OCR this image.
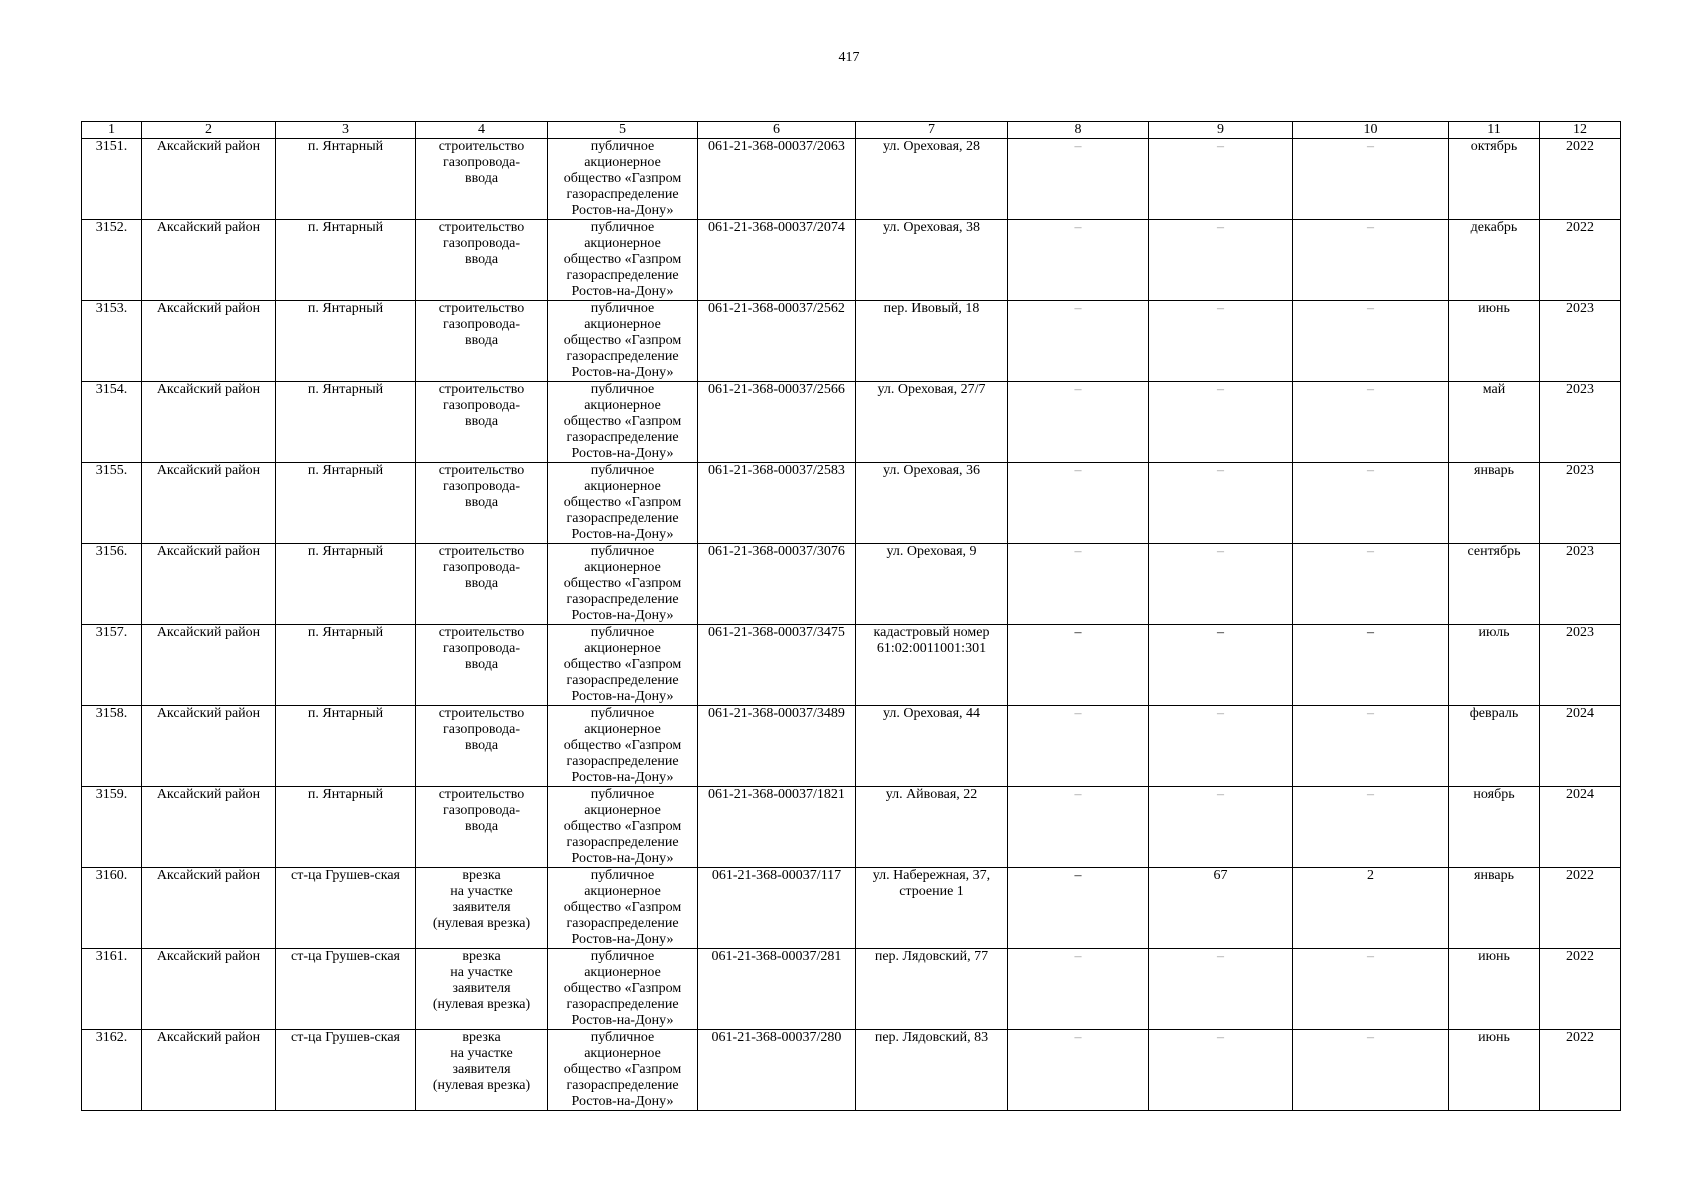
417
1	2	3	4	5	6	7	8	9	10	11	12
3151.	Аксайский район	п. Янтарный	строительство
газопровода-
ввода	публичное
акционерное
общество «Газпром
газораспределение
Ростов-на-Дону»	061-21-368-00037/2063	ул. Ореховая, 28	–	–	–	октябрь	2022
3152.	Аксайский район	п. Янтарный	строительство
газопровода-
ввода	публичное
акционерное
общество «Газпром
газораспределение
Ростов-на-Дону»	061-21-368-00037/2074	ул. Ореховая, 38	–	–	–	декабрь	2022
3153.	Аксайский район	п. Янтарный	строительство
газопровода-
ввода	публичное
акционерное
общество «Газпром
газораспределение
Ростов-на-Дону»	061-21-368-00037/2562	пер. Ивовый, 18	–	–	–	июнь	2023
3154.	Аксайский район	п. Янтарный	строительство
газопровода-
ввода	публичное
акционерное
общество «Газпром
газораспределение
Ростов-на-Дону»	061-21-368-00037/2566	ул. Ореховая, 27/7	–	–	–	май	2023
3155.	Аксайский район	п. Янтарный	строительство
газопровода-
ввода	публичное
акционерное
общество «Газпром
газораспределение
Ростов-на-Дону»	061-21-368-00037/2583	ул. Ореховая, 36	–	–	–	январь	2023
3156.	Аксайский район	п. Янтарный	строительство
газопровода-
ввода	публичное
акционерное
общество «Газпром
газораспределение
Ростов-на-Дону»	061-21-368-00037/3076	ул. Ореховая, 9	–	–	–	сентябрь	2023
3157.	Аксайский район	п. Янтарный	строительство
газопровода-
ввода	публичное
акционерное
общество «Газпром
газораспределение
Ростов-на-Дону»	061-21-368-00037/3475	кадастровый номер
61:02:0011001:301	–	–	–	июль	2023
3158.	Аксайский район	п. Янтарный	строительство
газопровода-
ввода	публичное
акционерное
общество «Газпром
газораспределение
Ростов-на-Дону»	061-21-368-00037/3489	ул. Ореховая, 44	–	–	–	февраль	2024
3159.	Аксайский район	п. Янтарный	строительство
газопровода-
ввода	публичное
акционерное
общество «Газпром
газораспределение
Ростов-на-Дону»	061-21-368-00037/1821	ул. Айвовая, 22	–	–	–	ноябрь	2024
3160.	Аксайский район	ст-ца Грушев-ская	врезка
на участке
заявителя
(нулевая врезка)	публичное
акционерное
общество «Газпром
газораспределение
Ростов-на-Дону»	061-21-368-00037/117	ул. Набережная, 37,
строение 1	–	67	2	январь	2022
3161.	Аксайский район	ст-ца Грушев-ская	врезка
на участке
заявителя
(нулевая врезка)	публичное
акционерное
общество «Газпром
газораспределение
Ростов-на-Дону»	061-21-368-00037/281	пер. Лядовский, 77	–	–	–	июнь	2022
3162.	Аксайский район	ст-ца Грушев-ская	врезка
на участке
заявителя
(нулевая врезка)	публичное
акционерное
общество «Газпром
газораспределение
Ростов-на-Дону»	061-21-368-00037/280	пер. Лядовский, 83	–	–	–	июнь	2022
